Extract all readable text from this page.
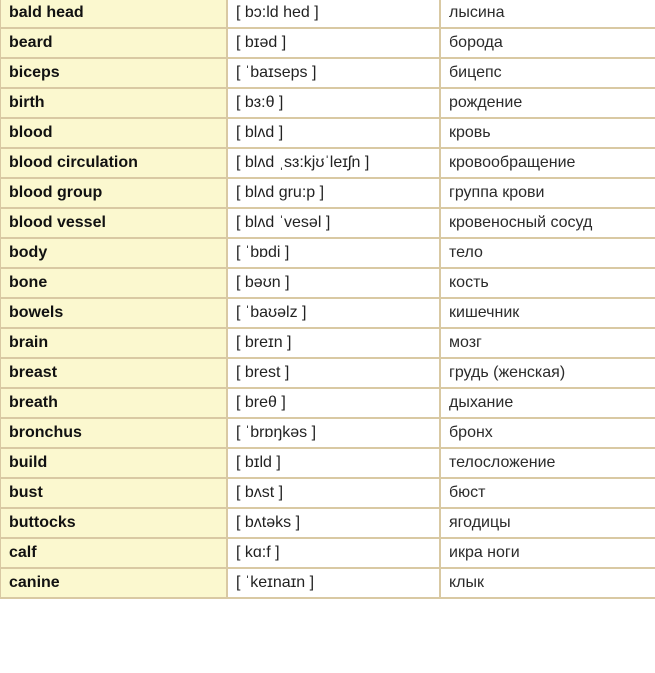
bald head	[ bɔ:ld hed ]	лысина
beard	[ bɪəd ]	борода
biceps	[ ˈbaɪseps ]	бицепс
birth	[ bɜ:θ ]	рождение
blood	[ blʌd ]	кровь
blood circulation	[ blʌd ˌsɜ:kjʊˈleɪʃn ]	кровообращение
blood group	[ blʌd gru:p ]	группа крови
blood vessel	[ blʌd ˈvesəl ]	кровеносный сосуд
body	[ ˈbɒdi ]	тело
bone	[ bəʊn ]	кость
bowels	[ ˈbaʊəlz ]	кишечник
brain	[ breɪn ]	мозг
breast	[ brest ]	грудь (женская)
breath	[ breθ ]	дыхание
bronchus	[ ˈbrɒŋkəs ]	бронх
build	[ bɪld ]	телосложение
bust	[ bʌst ]	бюст
buttocks	[ bʌtəks ]	ягодицы
calf	[ kɑ:f ]	икра ноги
canine	[ ˈkeɪnaɪn ]	клык
